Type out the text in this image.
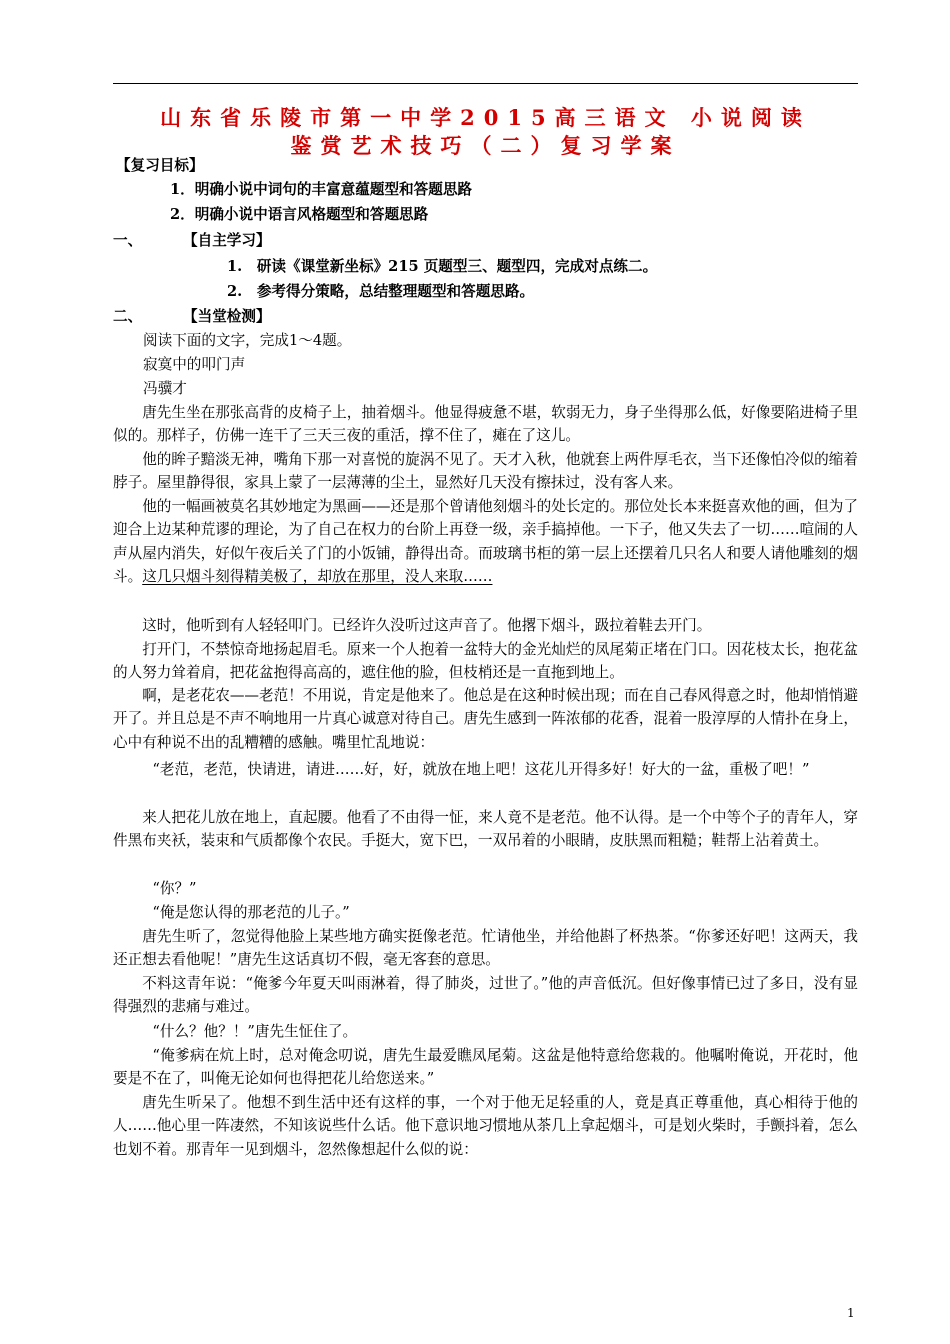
山东省乐陵市第一中学2015高三语文 小说阅读
鉴赏艺术技巧（二）复习学案
【复习目标】
1．明确小说中词句的丰富意蕴题型和答题思路
2．明确小说中语言风格题型和答题思路
一、	【自主学习】
1.　研读《课堂新坐标》215 页题型三、题型四，完成对点练二。
2.　参考得分策略，总结整理题型和答题思路。
二、	【当堂检测】
阅读下面的文字，完成1～4题。
寂寞中的叩门声
冯骥才

唐先生坐在那张高背的皮椅子上，抽着烟斗。他显得疲惫不堪，软弱无力，身子坐得那么低，好像要陷进椅子里似的。那样子，仿佛一连干了三天三夜的重活，撑不住了，瘫在了这儿。

他的眸子黯淡无神，嘴角下那一对喜悦的旋涡不见了。天才入秋，他就套上两件厚毛衣，当下还像怕冷似的缩着脖子。屋里静得很，家具上蒙了一层薄薄的尘土，显然好几天没有擦抹过，没有客人来。

他的一幅画被莫名其妙地定为黑画——还是那个曾请他刻烟斗的处长定的。那位处长本来挺喜欢他的画，但为了迎合上边某种荒谬的理论，为了自己在权力的台阶上再登一级，亲手搞掉他。一下子，他又失去了一切……喧闹的人声从屋内消失，好似午夜后关了门的小饭铺，静得出奇。而玻璃书柜的第一层上还摆着几只名人和要人请他雕刻的烟斗。这几只烟斗刻得精美极了，却放在那里，没人来取……

这时，他听到有人轻轻叩门。已经许久没听过这声音了。他撂下烟斗，趿拉着鞋去开门。

打开门，不禁惊奇地扬起眉毛。原来一个人抱着一盆特大的金光灿烂的凤尾菊正堵在门口。因花枝太长，抱花盆的人努力耸着肩，把花盆抱得高高的，遮住他的脸，但枝梢还是一直拖到地上。

啊，是老花农——老范！不用说，肯定是他来了。他总是在这种时候出现；而在自己春风得意之时，他却悄悄避开了。并且总是不声不响地用一片真心诚意对待自己。唐先生感到一阵浓郁的花香，混着一股淳厚的人情扑在身上，心中有种说不出的乱糟糟的感触。嘴里忙乱地说：

“老范，老范，快请进，请进……好，好，就放在地上吧！这花儿开得多好！好大的一盆，重极了吧！”

来人把花儿放在地上，直起腰。他看了不由得一怔，来人竟不是老范。他不认得。是一个中等个子的青年人，穿件黑布夹袄，装束和气质都像个农民。手挺大，宽下巴，一双吊着的小眼睛，皮肤黑而粗糙；鞋帮上沾着黄土。

“你？”

“俺是您认得的那老范的儿子。”

唐先生听了，忽觉得他脸上某些地方确实挺像老范。忙请他坐，并给他斟了杯热茶。“你爹还好吧！这两天，我还正想去看他呢！”唐先生这话真切不假，毫无客套的意思。

不料这青年说：“俺爹今年夏天叫雨淋着，得了肺炎，过世了。”他的声音低沉。但好像事情已过了多日，没有显得强烈的悲痛与难过。

“什么？他？！”唐先生怔住了。

“俺爹病在炕上时，总对俺念叨说，唐先生最爱瞧凤尾菊。这盆是他特意给您栽的。他嘱咐俺说，开花时，他要是不在了，叫俺无论如何也得把花儿给您送来。”

唐先生听呆了。他想不到生活中还有这样的事，一个对于他无足轻重的人，竟是真正尊重他，真心相待于他的人……他心里一阵凄然，不知该说些什么话。他下意识地习惯地从茶几上拿起烟斗，可是划火柴时，手颤抖着，怎么也划不着。那青年一见到烟斗，忽然像想起什么似的说：

1
